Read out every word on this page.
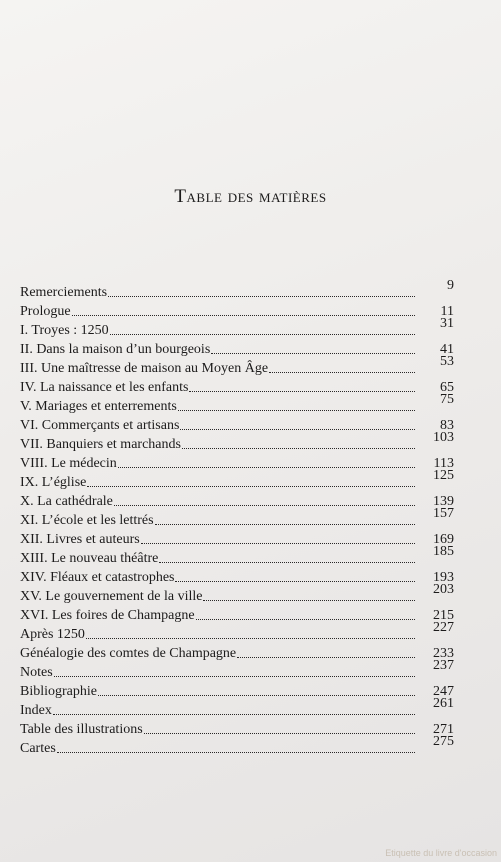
Table des matières
Remerciements	9
Prologue	11
I. Troyes : 1250	31
II. Dans la maison d’un bourgeois	41
III. Une maîtresse de maison au Moyen Âge	53
IV. La naissance et les enfants	65
V. Mariages et enterrements	75
VI. Commerçants et artisans	83
VII. Banquiers et marchands	103
VIII. Le médecin	113
IX. L’église	125
X. La cathédrale	139
XI. L’école et les lettrés	157
XII. Livres et auteurs	169
XIII. Le nouveau théâtre	185
XIV. Fléaux et catastrophes	193
XV. Le gouvernement de la ville	203
XVI. Les foires de Champagne	215
Après 1250	227
Généalogie des comtes de Champagne	233
Notes	237
Bibliographie	247
Index	261
Table des illustrations	271
Cartes	275
Etiquette du livre d'occasion
